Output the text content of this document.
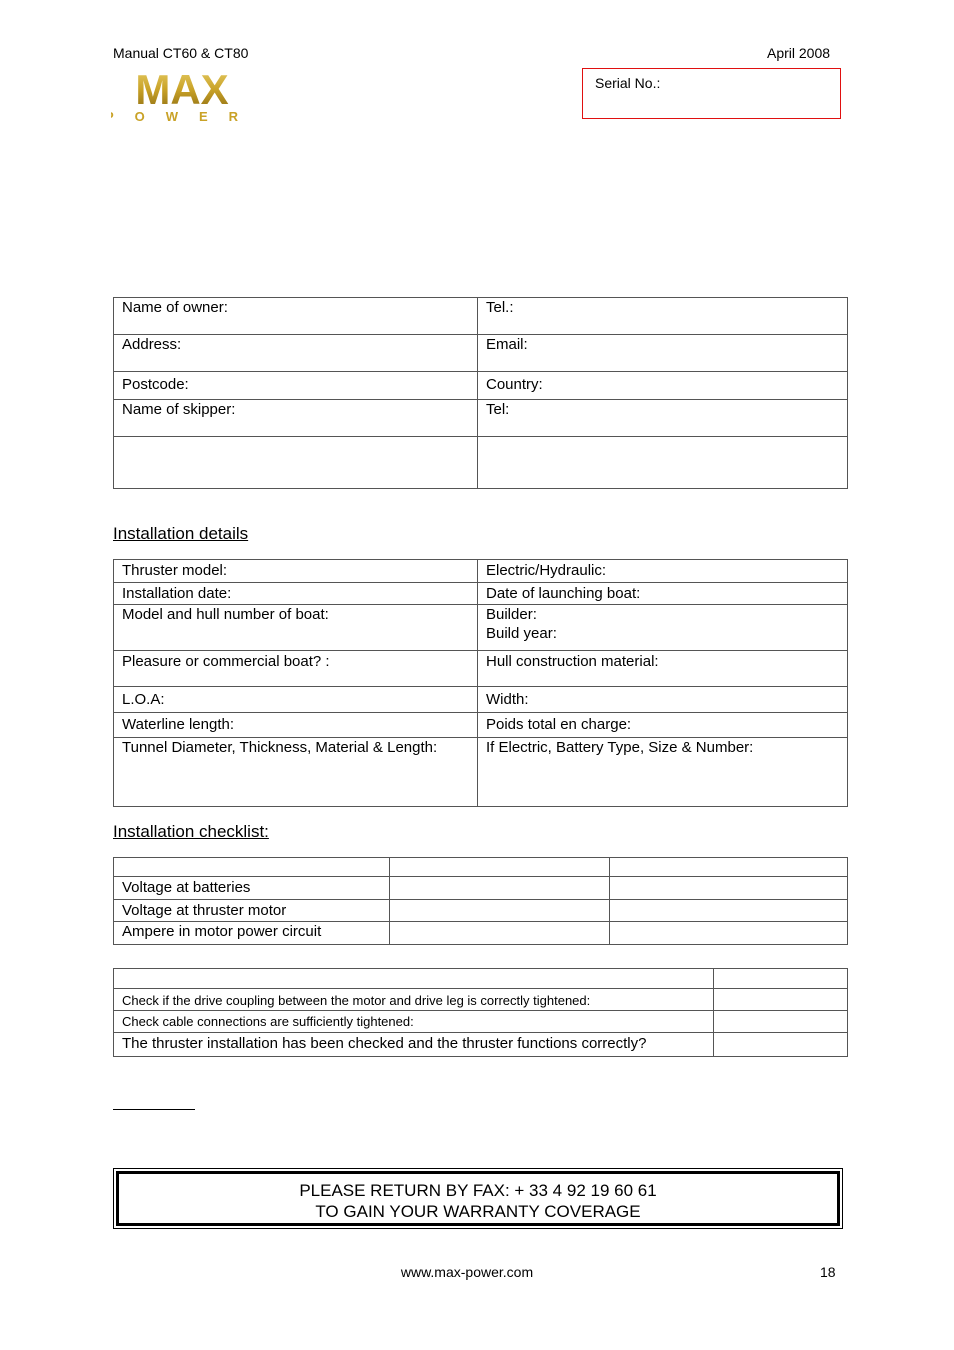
Manual CT60 & CT80	April 2008
MAX
POWER
Serial No.:
Name of owner:	Tel.:
Address:	Email:
Postcode:	Country:
Name of skipper:	Tel:

Installation details
Thruster model:	Electric/Hydraulic:
Installation date:	Date of launching boat:
Model and hull number of boat:	Builder:
Build year:

Pleasure or commercial boat? :	Hull construction material:
L.O.A:	Width:
Waterline length:	Poids total en charge:
Tunnel Diameter, Thickness, Material & Length:	If Electric, Battery Type, Size & Number:
Installation checklist:

Voltage at batteries		
Voltage at thruster motor		
Ampere in motor power circuit		

Check if the drive coupling between the motor and drive leg is correctly tightened:	
Check cable connections are sufficiently tightened:	
The thruster installation has been checked and the thruster functions correctly?	
PLEASE RETURN BY FAX: + 33 4 92 19 60 61
TO GAIN YOUR WARRANTY COVERAGE
www.max-power.com	18
